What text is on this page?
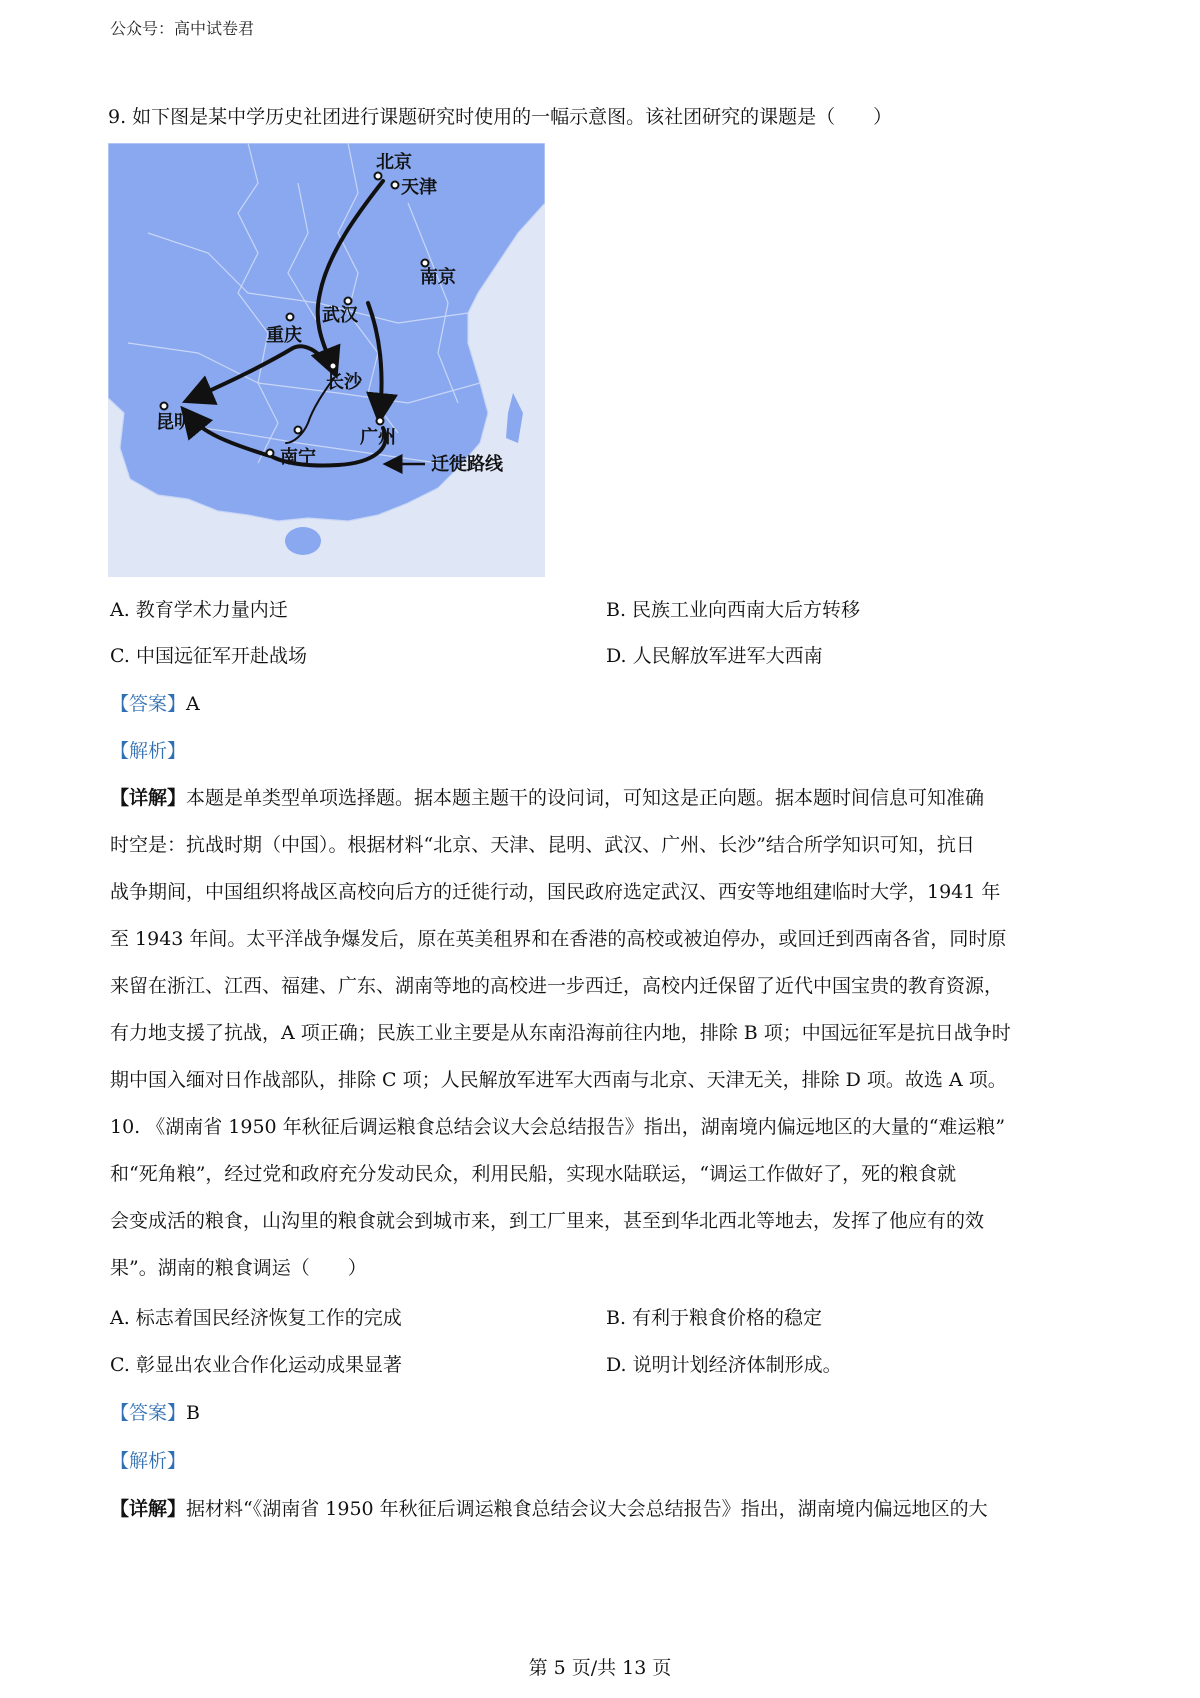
公众号：高中试卷君
9. 如下图是某中学历史社团进行课题研究时使用的一幅示意图。该社团研究的课题是（　　）
北京
天津
南京
武汉
重庆
长沙
昆明
南宁
广州
迁徙路线
A. 教育学术力量内迁	B. 民族工业向西南大后方转移
C. 中国远征军开赴战场	D. 人民解放军进军大西南
【答案】A
【解析】
【详解】本题是单类型单项选择题。据本题主题干的设问词，可知这是正向题。据本题时间信息可知准确
时空是：抗战时期（中国）。根据材料“北京、天津、昆明、武汉、广州、长沙”结合所学知识可知，抗日
战争期间，中国组织将战区高校向后方的迁徙行动，国民政府选定武汉、西安等地组建临时大学，1941 年
至 1943 年间。太平洋战争爆发后，原在英美租界和在香港的高校或被迫停办，或回迁到西南各省，同时原
来留在浙江、江西、福建、广东、湖南等地的高校进一步西迁，高校内迁保留了近代中国宝贵的教育资源，
有力地支援了抗战，A 项正确；民族工业主要是从东南沿海前往内地，排除 B 项；中国远征军是抗日战争时
期中国入缅对日作战部队，排除 C 项；人民解放军进军大西南与北京、天津无关，排除 D 项。故选 A 项。
10. 《湖南省 1950 年秋征后调运粮食总结会议大会总结报告》指出，湖南境内偏远地区的大量的“难运粮”
和“死角粮”，经过党和政府充分发动民众，利用民船，实现水陆联运，“调运工作做好了，死的粮食就
会变成活的粮食，山沟里的粮食就会到城市来，到工厂里来，甚至到华北西北等地去，发挥了他应有的效
果”。湖南的粮食调运（　　）
A. 标志着国民经济恢复工作的完成	B. 有利于粮食价格的稳定
C. 彰显出农业合作化运动成果显著	D. 说明计划经济体制形成。
【答案】B
【解析】
【详解】据材料“《湖南省 1950 年秋征后调运粮食总结会议大会总结报告》指出，湖南境内偏远地区的大
第 5 页/共 13 页
